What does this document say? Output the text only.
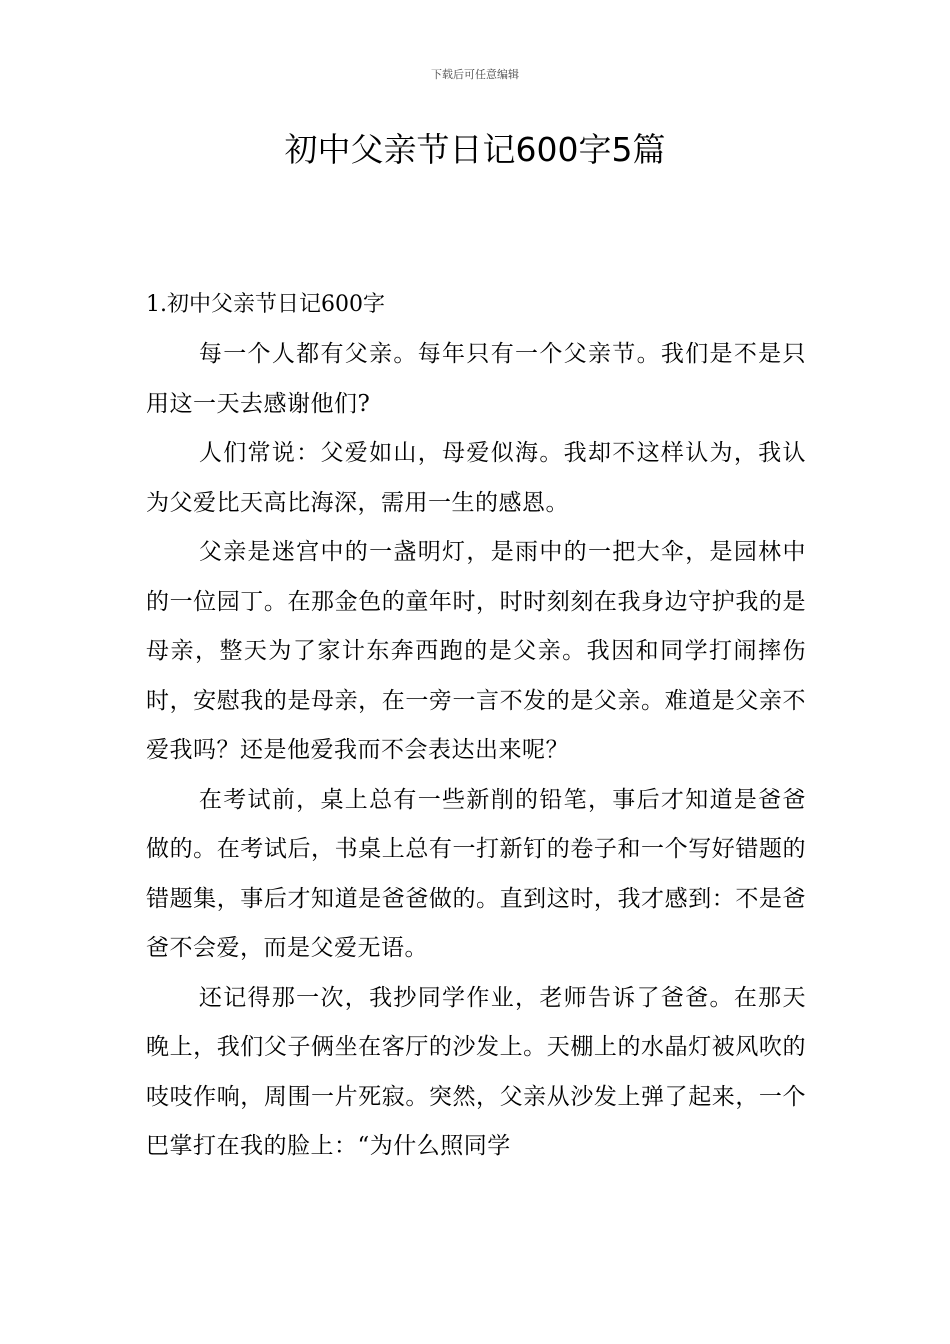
下载后可任意编辑
初中父亲节日记600字5篇

1.初中父亲节日记600字

每一个人都有父亲。每年只有一个父亲节。我们是不是只用这一天去感谢他们?

人们常说：父爱如山，母爱似海。我却不这样认为，我认为父爱比天高比海深，需用一生的感恩。

父亲是迷宫中的一盏明灯，是雨中的一把大伞，是园林中的一位园丁。在那金色的童年时，时时刻刻在我身边守护我的是母亲，整天为了家计东奔西跑的是父亲。我因和同学打闹摔伤时，安慰我的是母亲，在一旁一言不发的是父亲。难道是父亲不爱我吗？还是他爱我而不会表达出来呢？

在考试前，桌上总有一些新削的铅笔，事后才知道是爸爸做的。在考试后，书桌上总有一打新钉的卷子和一个写好错题的错题集，事后才知道是爸爸做的。直到这时，我才感到：不是爸爸不会爱，而是父爱无语。

还记得那一次，我抄同学作业，老师告诉了爸爸。在那天晚上，我们父子俩坐在客厅的沙发上。天棚上的水晶灯被风吹的吱吱作响，周围一片死寂。突然，父亲从沙发上弹了起来，一个巴掌打在我的脸上：“为什么照同学
